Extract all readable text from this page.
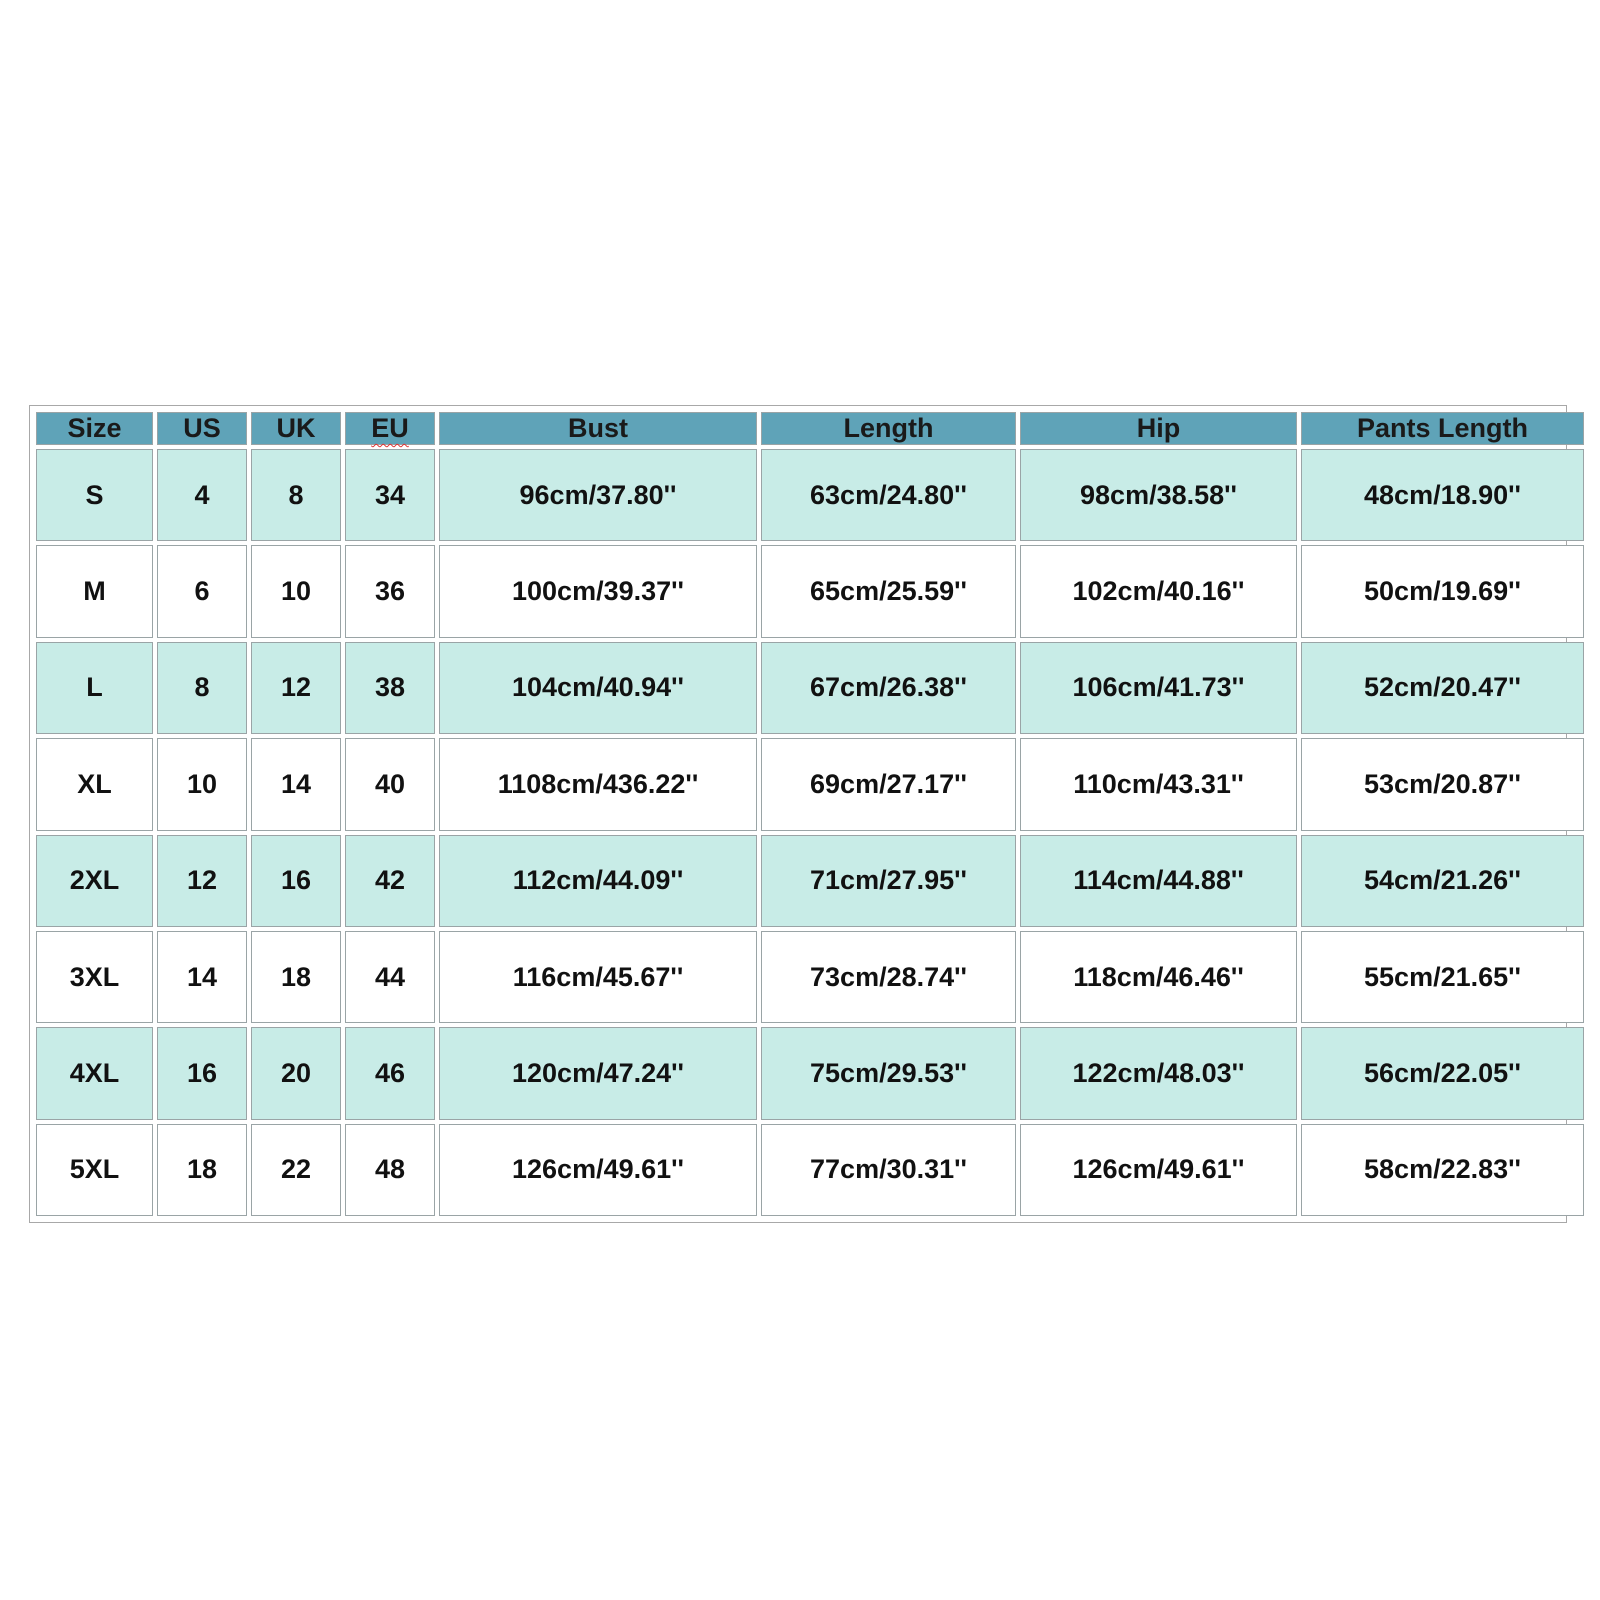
Size	US	UK	EU	Bust	Length	Hip	Pants Length
S	4	8	34	96cm/37.80''	63cm/24.80''	98cm/38.58''	48cm/18.90''
M	6	10	36	100cm/39.37''	65cm/25.59''	102cm/40.16''	50cm/19.69''
L	8	12	38	104cm/40.94''	67cm/26.38''	106cm/41.73''	52cm/20.47''
XL	10	14	40	1108cm/436.22''	69cm/27.17''	110cm/43.31''	53cm/20.87''
2XL	12	16	42	112cm/44.09''	71cm/27.95''	114cm/44.88''	54cm/21.26''
3XL	14	18	44	116cm/45.67''	73cm/28.74''	118cm/46.46''	55cm/21.65''
4XL	16	20	46	120cm/47.24''	75cm/29.53''	122cm/48.03''	56cm/22.05''
5XL	18	22	48	126cm/49.61''	77cm/30.31''	126cm/49.61''	58cm/22.83''
